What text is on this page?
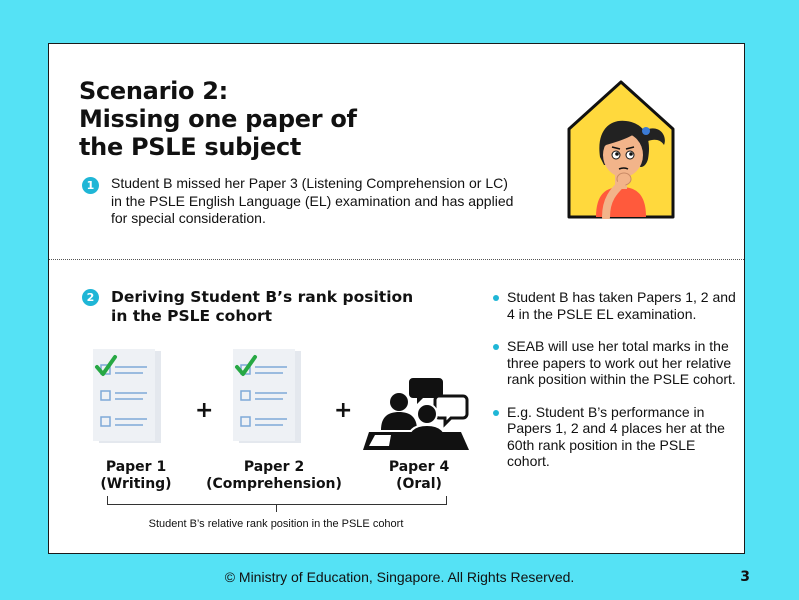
Scenario 2:
Missing one paper of
the PSLE subject
1	Student B missed her Paper 3 (Listening Comprehension or LC) in the PSLE English Language (EL) examination and has applied for special consideration.
2	Deriving Student B’s rank position
in the PSLE cohort
+	+
Paper 1
(Writing)
Paper 2
(Comprehension)
Paper 4
(Oral)
Student B’s relative rank position in the PSLE cohort
Student B has taken Papers 1, 2 and 4 in the PSLE EL examination.
SEAB will use her total marks in the three papers to work out her relative rank position within the PSLE cohort.
E.g. Student B’s performance in Papers 1, 2 and 4 places her at the 60th rank position in the PSLE cohort.
© Ministry of Education, Singapore. All Rights Reserved.	3
